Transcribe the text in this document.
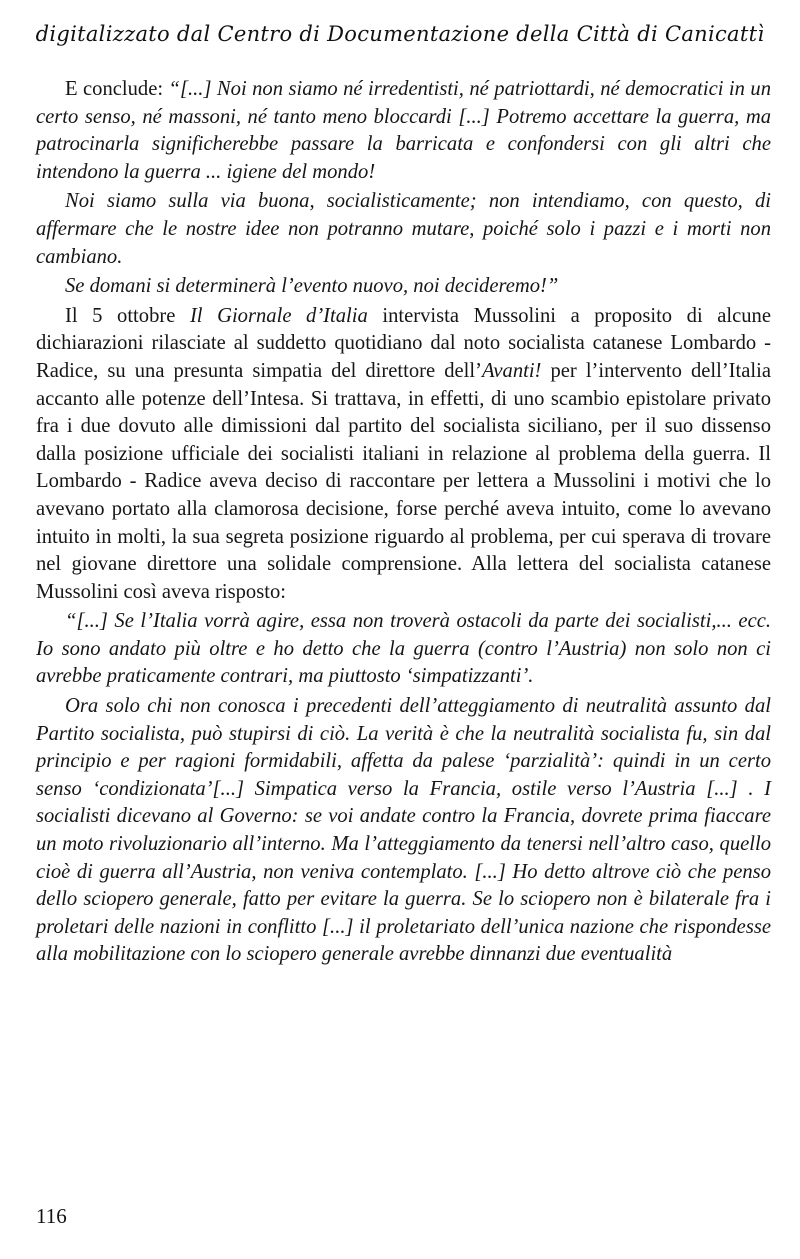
digitalizzato dal Centro di Documentazione della Città di Canicattì

E conclude: “[...] Noi non siamo né irredentisti, né patriottardi, né democratici in un certo senso, né massoni, né tanto meno bloccardi [...] Potremo accettare la guerra, ma patrocinarla significherebbe passare la barricata e confondersi con gli altri che intendono la guerra ... igiene del mondo!

Noi siamo sulla via buona, socialisticamente; non intendiamo, con questo, di affermare che le nostre idee non potranno mutare, poiché solo i pazzi e i morti non cambiano.

Se domani si determinerà l’evento nuovo, noi decideremo!”

Il 5 ottobre Il Giornale d’Italia intervista Mussolini a proposito di alcune dichiarazioni rilasciate al suddetto quotidiano dal noto socialista catanese Lombardo - Radice, su una presunta simpatia del direttore dell’Avanti! per l’intervento dell’Italia accanto alle potenze dell’Intesa. Si trattava, in effetti, di uno scambio epistolare privato fra i due dovuto alle dimissioni dal partito del socialista siciliano, per il suo dissenso dalla posizione ufficiale dei socialisti italiani in relazione al problema della guerra. Il Lombardo - Radice aveva deciso di raccontare per lettera a Mussolini i motivi che lo avevano portato alla clamorosa decisione, forse perché aveva intuito, come lo avevano intuito in molti, la sua segreta posizione riguardo al problema, per cui sperava di trovare nel giovane direttore una solidale comprensione. Alla lettera del socialista catanese Mussolini così aveva risposto:

“[...] Se l’Italia vorrà agire, essa non troverà ostacoli da parte dei socialisti,... ecc. Io sono andato più oltre e ho detto che la guerra (contro l’Austria) non solo non ci avrebbe praticamente contrari, ma piuttosto ‘simpatizzanti’.

Ora solo chi non conosca i precedenti dell’atteggiamento di neutralità assunto dal Partito socialista, può stupirsi di ciò. La verità è che la neutralità socialista fu, sin dal principio e per ragioni formidabili, affetta da palese ‘parzialità’: quindi in un certo senso ‘condizionata’[...] Simpatica verso la Francia, ostile verso l’Austria [...] . I socialisti dicevano al Governo: se voi andate contro la Francia, dovrete prima fiaccare un moto rivoluzionario all’interno. Ma l’atteggiamento da tenersi nell’altro caso, quello cioè di guerra all’Austria, non veniva contemplato. [...] Ho detto altrove ciò che penso dello sciopero generale, fatto per evitare la guerra. Se lo sciopero non è bilaterale fra i proletari delle nazioni in conflitto [...] il proletariato dell’unica nazione che rispondesse alla mobilitazione con lo sciopero generale avrebbe dinnanzi due eventualità

116
